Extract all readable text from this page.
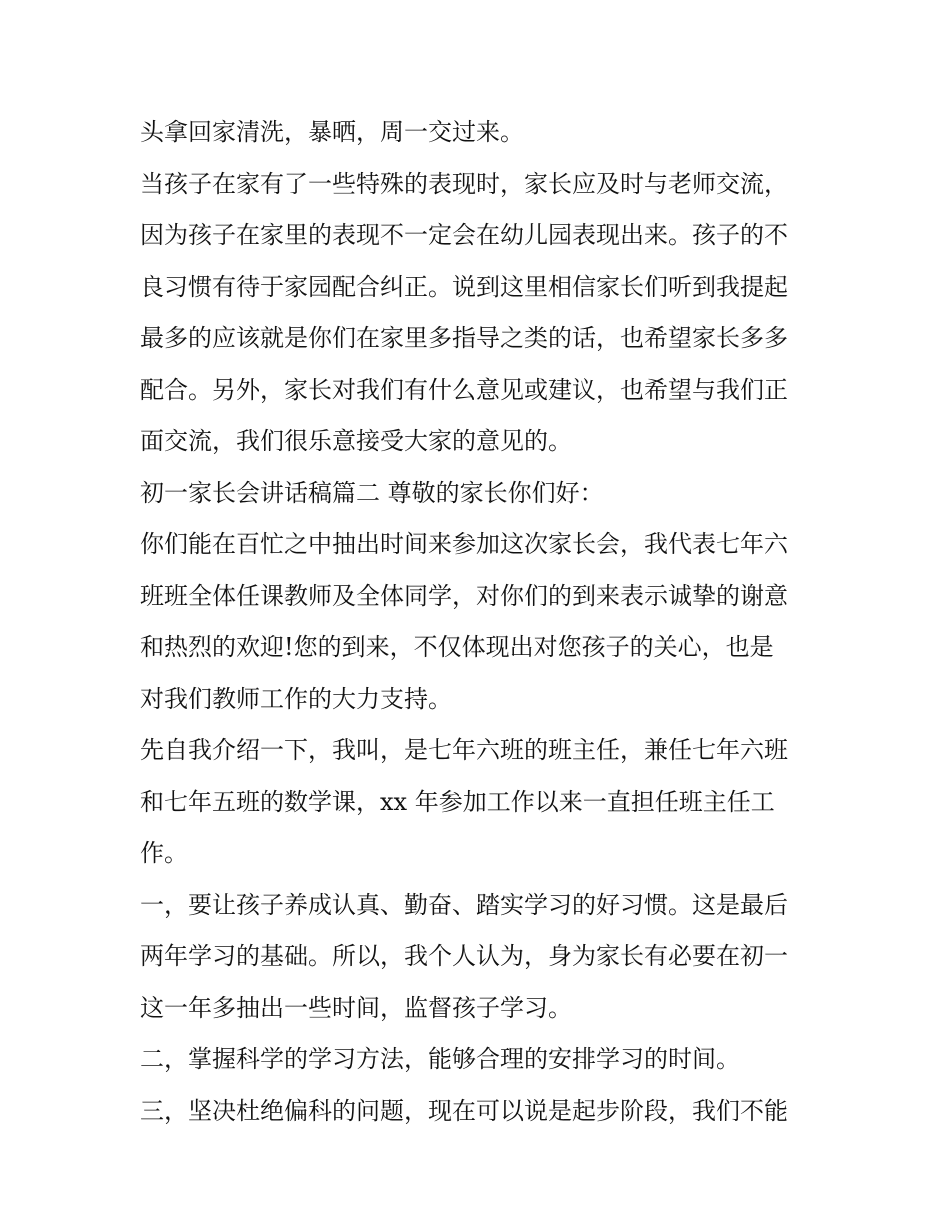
头拿回家清洗，暴晒，周一交过来。
当孩子在家有了一些特殊的表现时，家长应及时与老师交流，
因为孩子在家里的表现不一定会在幼儿园表现出来。孩子的不
良习惯有待于家园配合纠正。说到这里相信家长们听到我提起
最多的应该就是你们在家里多指导之类的话，也希望家长多多
配合。另外，家长对我们有什么意见或建议，也希望与我们正
面交流，我们很乐意接受大家的意见的。
初一家长会讲话稿篇二 尊敬的家长你们好：
你们能在百忙之中抽出时间来参加这次家长会，我代表七年六
班班全体任课教师及全体同学，对你们的到来表示诚挚的谢意
和热烈的欢迎!您的到来，不仅体现出对您孩子的关心，也是
对我们教师工作的大力支持。
先自我介绍一下，我叫，是七年六班的班主任，兼任七年六班
和七年五班的数学课，xx 年参加工作以来一直担任班主任工
作。
一，要让孩子养成认真、勤奋、踏实学习的好习惯。这是最后
两年学习的基础。所以，我个人认为，身为家长有必要在初一
这一年多抽出一些时间，监督孩子学习。
二，掌握科学的学习方法，能够合理的安排学习的时间。
三，坚决杜绝偏科的问题，现在可以说是起步阶段，我们不能
